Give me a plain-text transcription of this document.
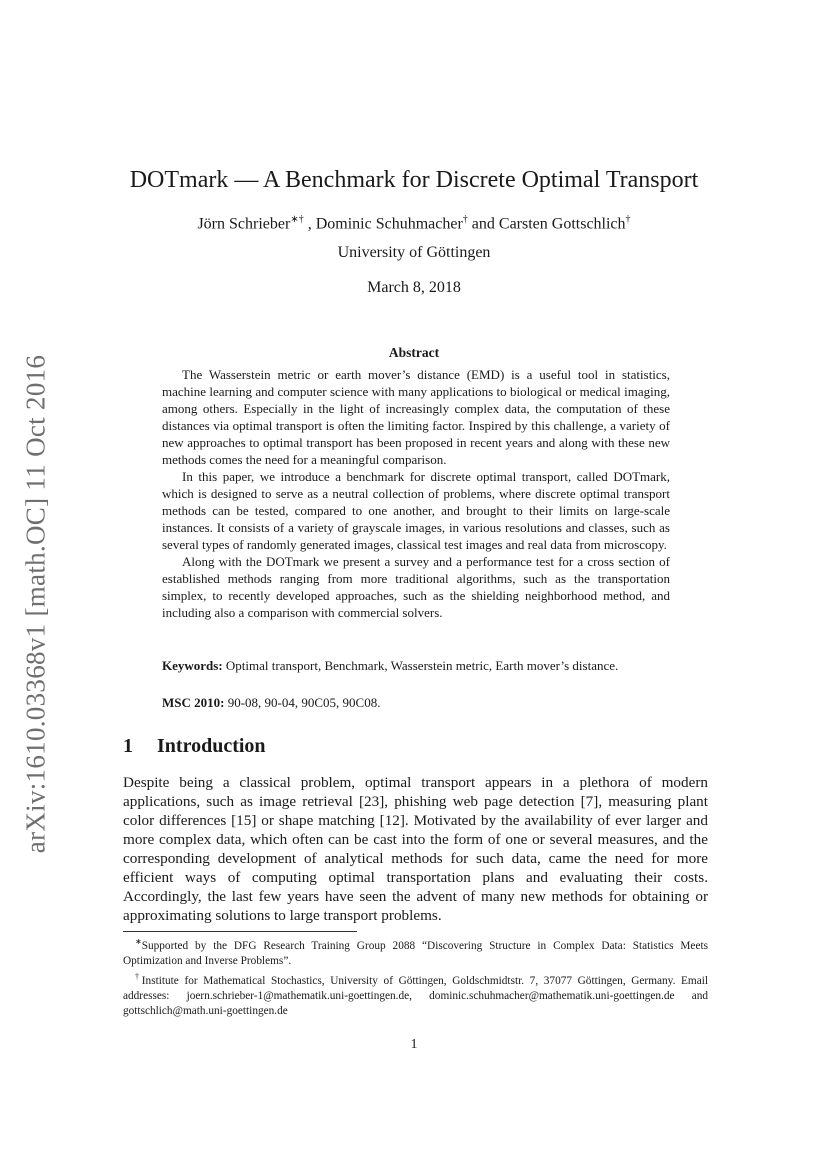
arXiv:1610.03368v1 [math.OC] 11 Oct 2016
DOTmark — A Benchmark for Discrete Optimal Transport
Jörn Schrieber∗† , Dominic Schuhmacher† and Carsten Gottschlich†
University of Göttingen
March 8, 2018
Abstract

The Wasserstein metric or earth mover’s distance (EMD) is a useful tool in statistics, machine learning and computer science with many applications to biological or medical imaging, among others. Especially in the light of increasingly complex data, the computation of these distances via optimal transport is often the limiting factor. Inspired by this challenge, a variety of new approaches to optimal transport has been proposed in recent years and along with these new methods comes the need for a meaningful comparison.

In this paper, we introduce a benchmark for discrete optimal transport, called DOTmark, which is designed to serve as a neutral collection of problems, where discrete optimal transport methods can be tested, compared to one another, and brought to their limits on large-scale instances. It consists of a variety of grayscale images, in various resolutions and classes, such as several types of randomly generated images, classical test images and real data from microscopy.

Along with the DOTmark we present a survey and a performance test for a cross section of established methods ranging from more traditional algorithms, such as the transportation simplex, to recently developed approaches, such as the shielding neighborhood method, and including also a comparison with commercial solvers.

Keywords: Optimal transport, Benchmark, Wasserstein metric, Earth mover’s distance.
MSC 2010: 90-08, 90-04, 90C05, 90C08.
1 Introduction

Despite being a classical problem, optimal transport appears in a plethora of modern applications, such as image retrieval [23], phishing web page detection [7], measuring plant color differences [15] or shape matching [12]. Motivated by the availability of ever larger and more complex data, which often can be cast into the form of one or several measures, and the corresponding development of analytical methods for such data, came the need for more efficient ways of computing optimal transportation plans and evaluating their costs. Accordingly, the last few years have seen the advent of many new methods for obtaining or approximating solutions to large transport problems.

∗Supported by the DFG Research Training Group 2088 “Discovering Structure in Complex Data: Statistics Meets Optimization and Inverse Problems”.

†Institute for Mathematical Stochastics, University of Göttingen, Goldschmidtstr. 7, 37077 Göttingen, Germany. Email addresses: joern.schrieber-1@mathematik.uni-goettingen.de, dominic.schuhmacher@mathematik.uni-goettingen.de and gottschlich@math.uni-goettingen.de

1
